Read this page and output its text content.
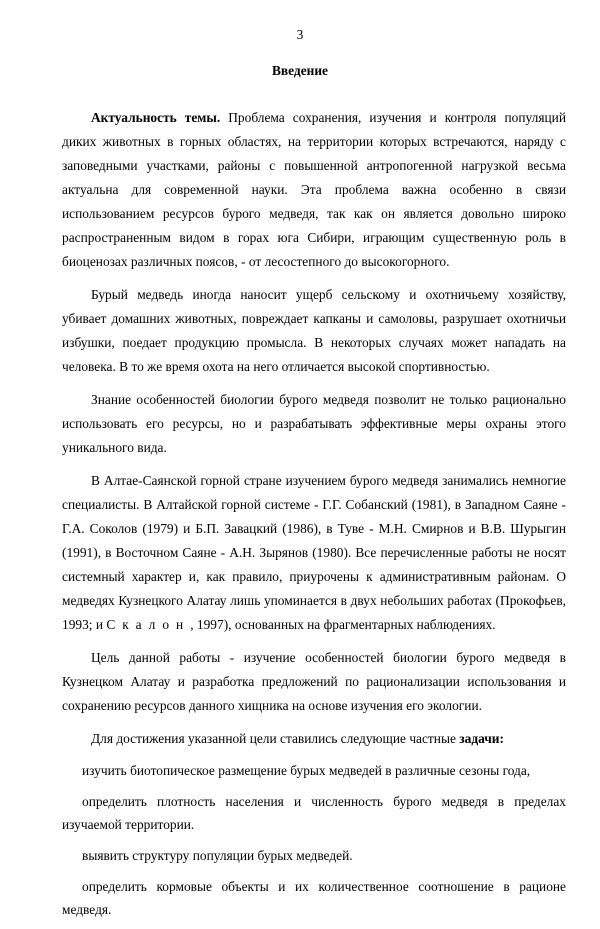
3
Введение

Актуальность темы. Проблема сохранения, изучения и контроля популяций диких животных в горных областях, на территории которых встречаются, наряду с заповедными участками, районы с повышенной антропогенной нагрузкой весьма актуальна для современной науки. Эта проблема важна особенно в связи использованием ресурсов бурого медведя, так как он является довольно широко распространенным видом в горах юга Сибири, играющим существенную роль в биоценозах различных поясов, - от лесостепного до высокогорного.

Бурый медведь иногда наносит ущерб сельскому и охотничьему хозяйству, убивает домашних животных, повреждает капканы и самоловы, разрушает охотничьи избушки, поедает продукцию промысла. В некоторых случаях может нападать на человека. В то же время охота на него отличается высокой спортивностью.

Знание особенностей биологии бурого медведя позволит не только рационально использовать его ресурсы, но и разрабатывать эффективные меры охраны этого уникального вида.

В Алтае-Саянской горной стране изучением бурого медведя занимались немногие специалисты. В Алтайской горной системе - Г.Г. Собанский (1981), в Западном Саяне - Г.А. Соколов (1979) и Б.П. Завацкий (1986), в Туве - М.Н. Смирнов и В.В. Шурыгин (1991), в Восточном Саяне - А.Н. Зырянов (1980). Все перечисленные работы не носят системный характер и, как правило, приурочены к административным районам. О медведях Кузнецкого Алатау лишь упоминается в двух небольших работах (Прокофьев, 1993; и Скалон, 1997), основанных на фрагментарных наблюдениях.

Цель данной работы - изучение особенностей биологии бурого медведя в Кузнецком Алатау и разработка предложений по рационализации использования и сохранению ресурсов данного хищника на основе изучения его экологии.

Для достижения указанной цели ставились следующие частные задачи:

изучить биотопическое размещение бурых медведей в различные сезоны года,
определить плотность населения и численность бурого медведя в пределах изучаемой территории.
выявить структуру популяции бурых медведей.
определить кормовые объекты и их количественное соотношение в рационе медведя.
